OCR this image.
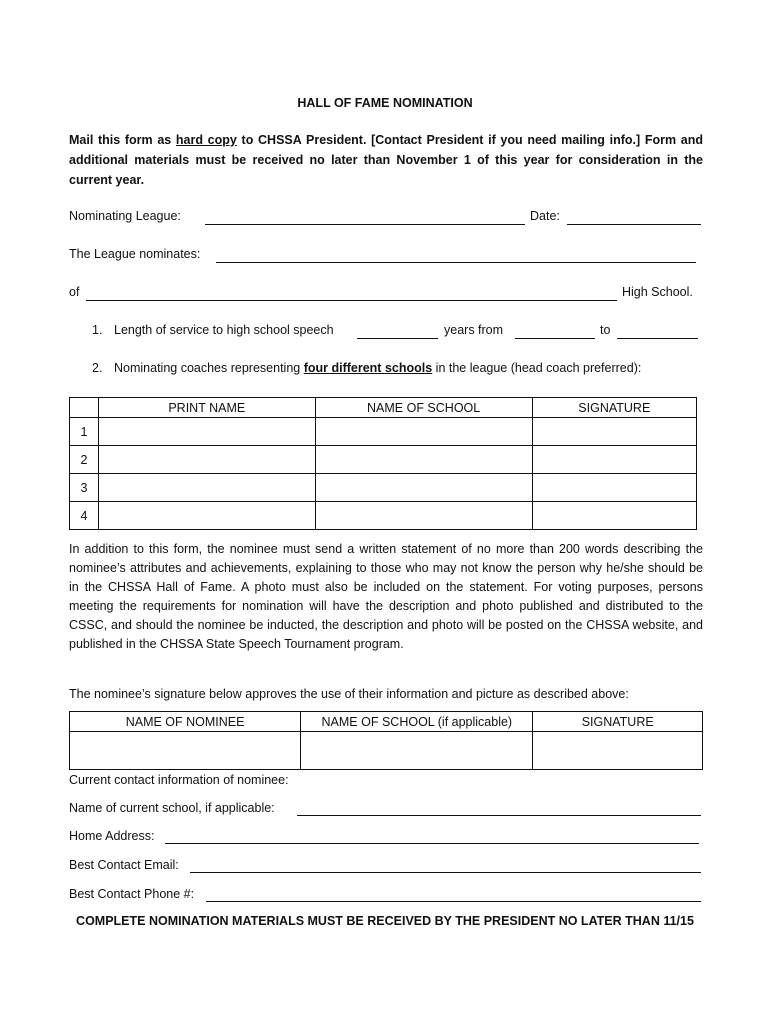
HALL OF FAME NOMINATION
Mail this form as hard copy to CHSSA President. [Contact President if you need mailing info.] Form and additional materials must be received no later than November 1 of this year for consideration in the current year.
Nominating League:	Date:
The League nominates:
of	High School.
1. Length of service to high school speech	years from	to
2. Nominating coaches representing four different schools in the league (head coach preferred):
	PRINT NAME	NAME OF SCHOOL	SIGNATURE
1			
2			
3			
4			
In addition to this form, the nominee must send a written statement of no more than 200 words describing the nominee’s attributes and achievements, explaining to those who may not know the person why he/she should be in the CHSSA Hall of Fame. A photo must also be included on the statement. For voting purposes, persons meeting the requirements for nomination will have the description and photo published and distributed to the CSSC, and should the nominee be inducted, the description and photo will be posted on the CHSSA website, and published in the CHSSA State Speech Tournament program.
The nominee’s signature below approves the use of their information and picture as described above:
NAME OF NOMINEE	NAME OF SCHOOL (if applicable)	SIGNATURE

Current contact information of nominee:
Name of current school, if applicable:
Home Address:
Best Contact Email:
Best Contact Phone #:
COMPLETE NOMINATION MATERIALS MUST BE RECEIVED BY THE PRESIDENT NO LATER THAN 11/15
